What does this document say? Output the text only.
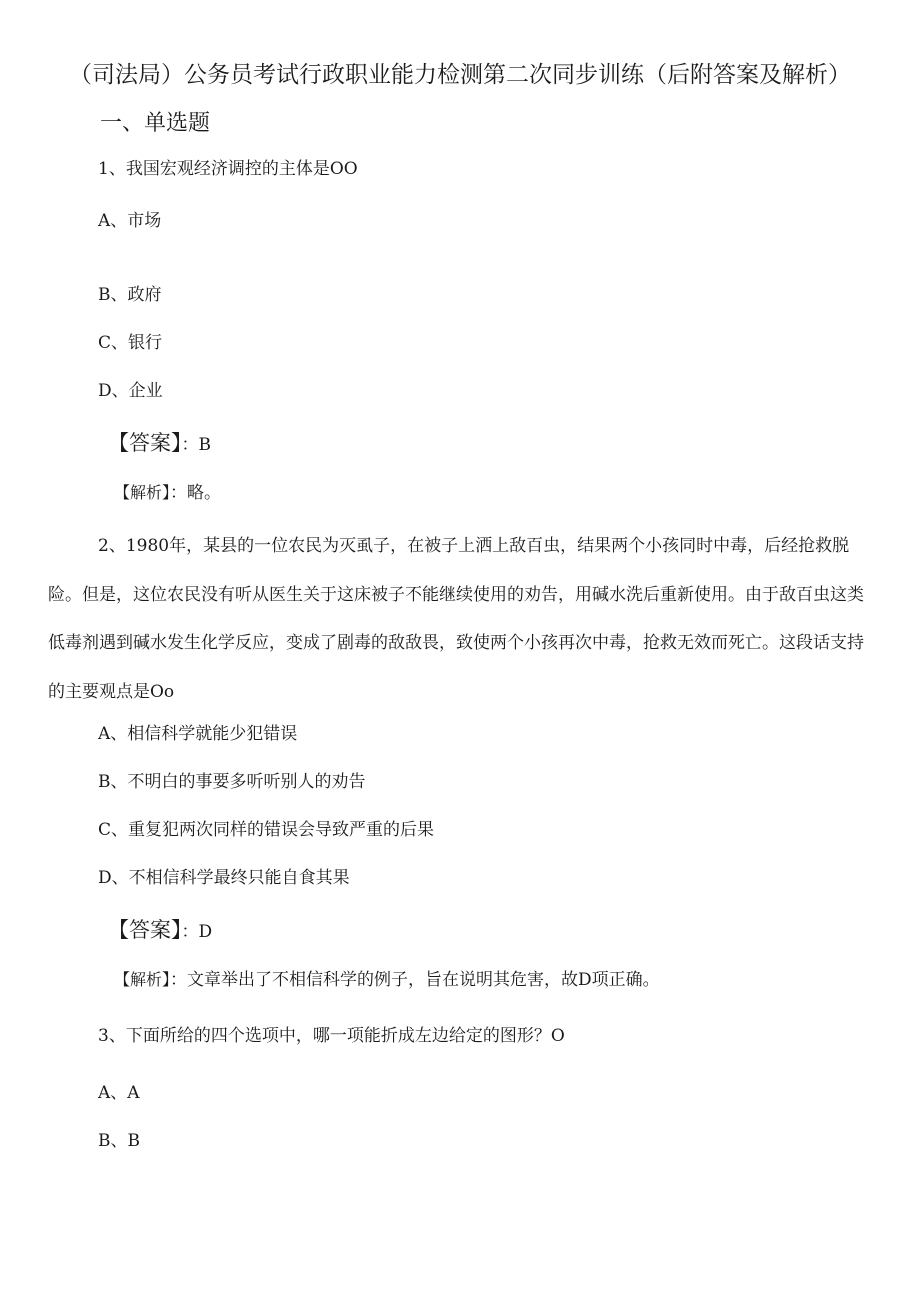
（司法局）公务员考试行政职业能力检测第二次同步训练（后附答案及解析）
一、单选题
1、我国宏观经济调控的主体是OO
A、市场
B、政府
C、银行
D、企业
【答案】：B
【解析】：略。

2、1980年，某县的一位农民为灭虱子，在被子上洒上敌百虫，结果两个小孩同时中毒，后经抢救脱险。但是，这位农民没有听从医生关于这床被子不能继续使用的劝告，用碱水洗后重新使用。由于敌百虫这类低毒剂遇到碱水发生化学反应，变成了剧毒的敌敌畏，致使两个小孩再次中毒，抢救无效而死亡。这段话支持的主要观点是Oo

A、相信科学就能少犯错误
B、不明白的事要多听听别人的劝告
C、重复犯两次同样的错误会导致严重的后果
D、不相信科学最终只能自食其果
【答案】：D
【解析】：文章举出了不相信科学的例子，旨在说明其危害，故D项正确。
3、下面所给的四个选项中，哪一项能折成左边给定的图形？O
A、A
B、B
